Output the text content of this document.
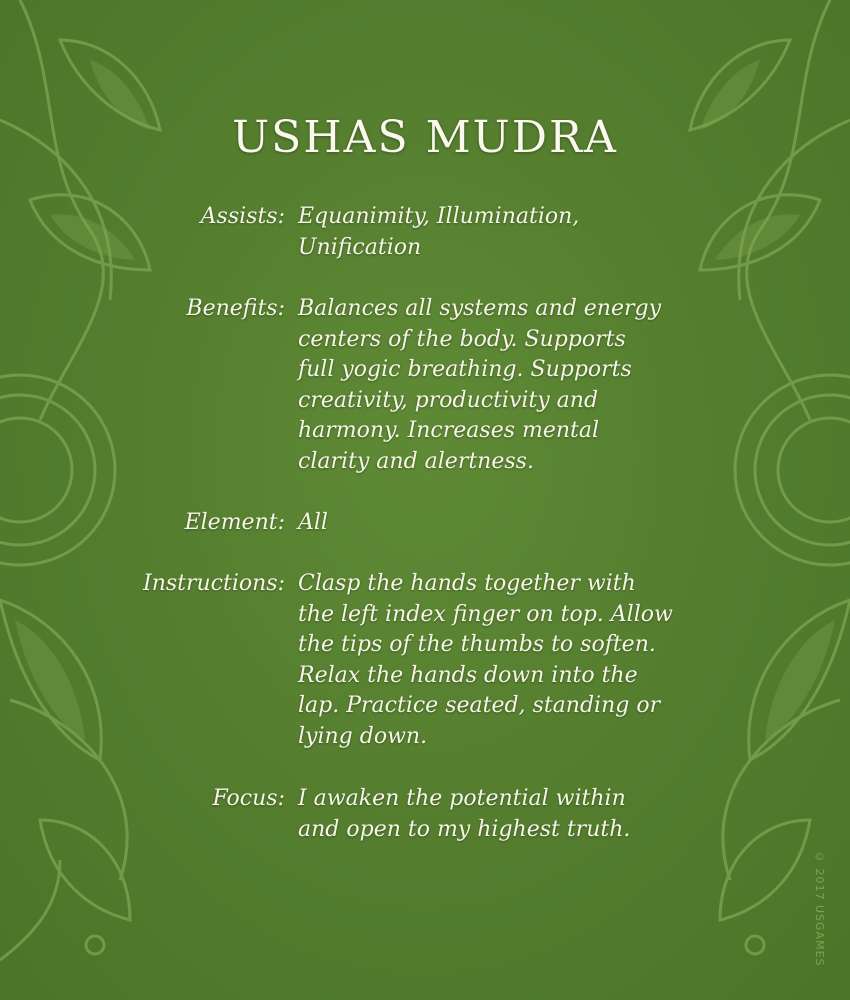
USHAS MUDRA
Assists: Equanimity, Illumination,
Unification
Benefits: Balances all systems and energy
centers of the body. Supports
full yogic breathing. Supports
creativity, productivity and
harmony. Increases mental
clarity and alertness.
Element: All
Instructions: Clasp the hands together with
the left index finger on top. Allow
the tips of the thumbs to soften.
Relax the hands down into the
lap. Practice seated, standing or
lying down.
Focus: I awaken the potential within
and open to my highest truth.
© 2017 USGAMES
